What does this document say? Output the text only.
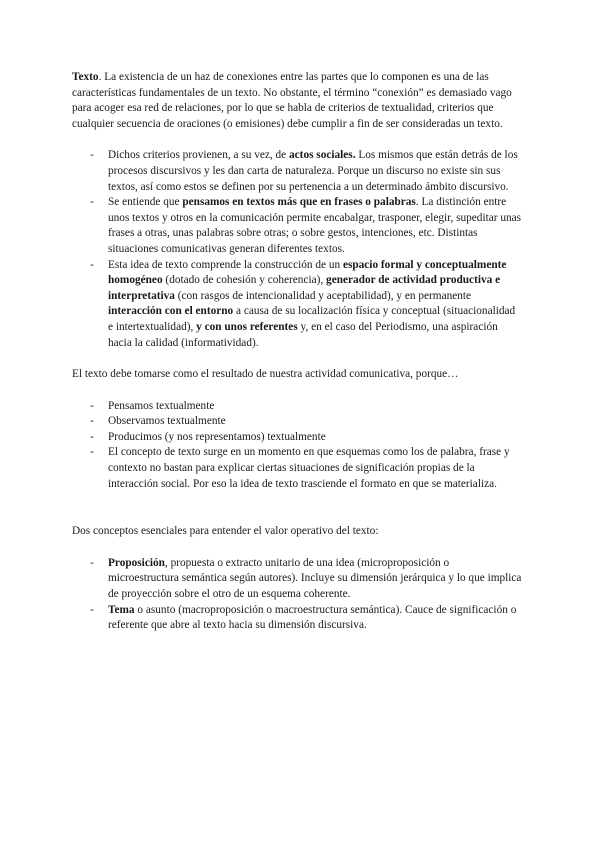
Texto. La existencia de un haz de conexiones entre las partes que lo componen es una de las características fundamentales de un texto. No obstante, el término “conexión” es demasiado vago para acoger esa red de relaciones, por lo que se habla de criterios de textualidad, criterios que cualquier secuencia de oraciones (o emisiones) debe cumplir a fin de ser consideradas un texto.

- Dichos criterios provienen, a su vez, de actos sociales. Los mismos que están detrás de los procesos discursivos y les dan carta de naturaleza. Porque un discurso no existe sin sus textos, así como estos se definen por su pertenencia a un determinado ámbito discursivo.
- Se entiende que pensamos en textos más que en frases o palabras. La distinción entre unos textos y otros en la comunicación permite encabalgar, trasponer, elegir, supeditar unas frases a otras, unas palabras sobre otras; o sobre gestos, intenciones, etc. Distintas situaciones comunicativas generan diferentes textos.
- Esta idea de texto comprende la construcción de un espacio formal y conceptualmente homogéneo (dotado de cohesión y coherencia), generador de actividad productiva e interpretativa (con rasgos de intencionalidad y aceptabilidad), y en permanente interacción con el entorno a causa de su localización física y conceptual (situacionalidad e intertextualidad), y con unos referentes y, en el caso del Periodismo, una aspiración hacia la calidad (informatividad).

El texto debe tomarse como el resultado de nuestra actividad comunicativa, porque…

- Pensamos textualmente
- Observamos textualmente
- Producimos (y nos representamos) textualmente
- El concepto de texto surge en un momento en que esquemas como los de palabra, frase y contexto no bastan para explicar ciertas situaciones de significación propias de la interacción social. Por eso la idea de texto trasciende el formato en que se materializa.

Dos conceptos esenciales para entender el valor operativo del texto:

- Proposición, propuesta o extracto unitario de una idea (microproposición o microestructura semántica según autores). Incluye su dimensión jerárquica y lo que implica de proyección sobre el otro de un esquema coherente.
- Tema o asunto (macroproposición o macroestructura semántica). Cauce de significación o referente que abre al texto hacia su dimensión discursiva.
